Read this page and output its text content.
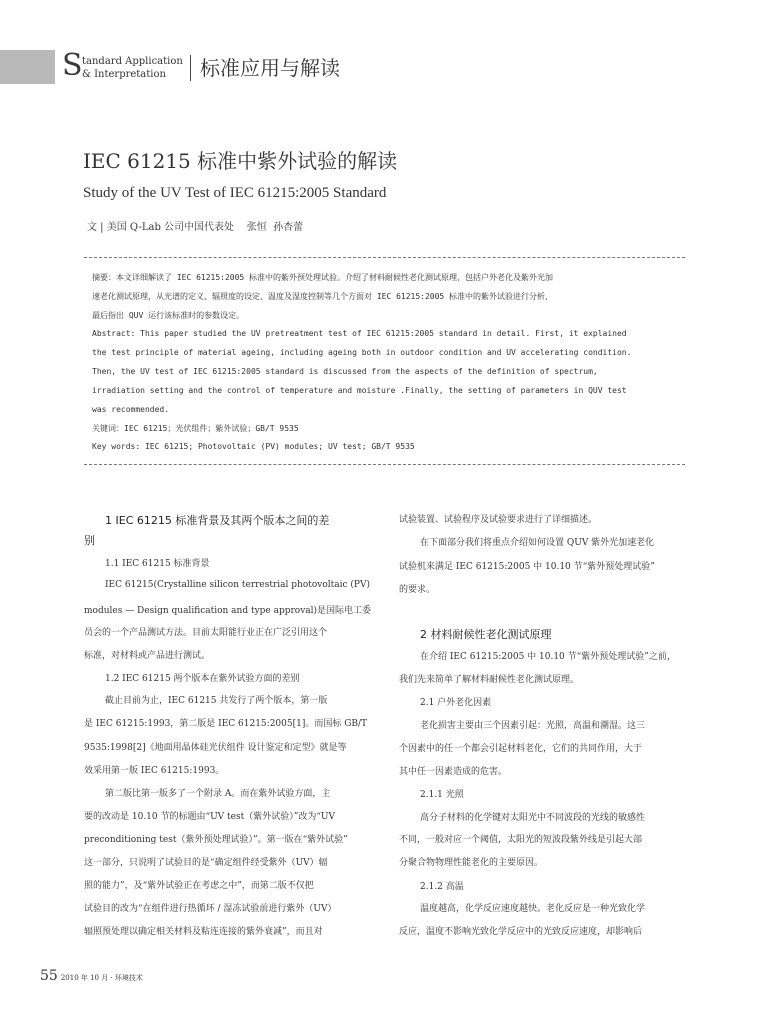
S tandard Application
& Interpretation 标准应用与解读
IEC 61215 标准中紫外试验的解读
Study of the UV Test of IEC 61215:2005 Standard
文 | 美国 Q-Lab 公司中国代表处    张恒  孙杏蕾
摘要：本文详细解读了 IEC 61215:2005 标准中的紫外预处理试验。介绍了材料耐候性老化测试原理，包括户外老化及紫外光加
速老化测试原理，从光谱的定义、辐照度的设定、温度及湿度控制等几个方面对 IEC 61215:2005 标准中的紫外试验进行分析，
最后指出 QUV 运行该标准时的参数设定。
Abstract: This paper studied the UV pretreatment test of IEC 61215:2005 standard in detail. First, it explained
the test principle of material ageing, including ageing both in outdoor condition and UV accelerating condition.
Then, the UV test of IEC 61215:2005 standard is discussed from the aspects of the definition of spectrum,
irradiation setting and the control of temperature and moisture .Finally, the setting of parameters in QUV test
was recommended.
关键词：IEC 61215；光伏组件；紫外试验；GB/T 9535
Key words: IEC 61215; Photovoltaic (PV) modules; UV test; GB/T 9535
1 IEC 61215 标准背景及其两个版本之间的差
别
1.1 IEC 61215 标准背景
IEC 61215(Crystalline silicon terrestrial photovoltaic (PV)
modules — Design qualification and type approval)是国际电工委
员会的一个产品测试方法。目前太阳能行业正在广泛引用这个
标准，对材料或产品进行测试。
1.2 IEC 61215 两个版本在紫外试验方面的差别
截止目前为止，IEC 61215 共发行了两个版本，第一版
是 IEC 61215:1993，第二版是 IEC 61215:2005[1]。而国标 GB/T
9535:1998[2]《地面用晶体硅光伏组件 设计鉴定和定型》就是等
效采用第一版 IEC 61215:1993。
第二版比第一版多了一个附录 A。而在紫外试验方面，主
要的改动是 10.10 节的标题由“UV test（紫外试验）”改为“UV
preconditioning test（紫外预处理试验）”。第一版在“紫外试验”
这一部分，只说明了试验目的是“确定组件经受紫外（UV）辐
照的能力”，及“紫外试验正在考虑之中”，而第二版不仅把
试验目的改为“在组件进行热循环 / 湿冻试验前进行紫外（UV）
辐照预处理以确定相关材料及粘连连接的紫外衰减”，而且对
试验装置、试验程序及试验要求进行了详细描述。
在下面部分我们将重点介绍如何设置 QUV 紫外光加速老化
试验机来满足 IEC 61215:2005 中 10.10 节“紫外预处理试验”
的要求。
2 材料耐候性老化测试原理
在介绍 IEC 61215:2005 中 10.10 节“紫外预处理试验”之前，
我们先来简单了解材料耐候性老化测试原理。
2.1 户外老化因素
老化损害主要由三个因素引起：光照，高温和潮湿。这三
个因素中的任一个都会引起材料老化，它们的共同作用，大于
其中任一因素造成的危害。
2.1.1 光照
高分子材料的化学键对太阳光中不同波段的光线的敏感性
不同，一般对应一个阈值，太阳光的短波段紫外线是引起大部
分聚合物物理性能老化的主要原因。
2.1.2 高温
温度越高，化学反应速度越快。老化反应是一种光致化学
反应，温度不影响光致化学反应中的光致反应速度，却影响后
55 2010 年 10 月 · 环境技术
